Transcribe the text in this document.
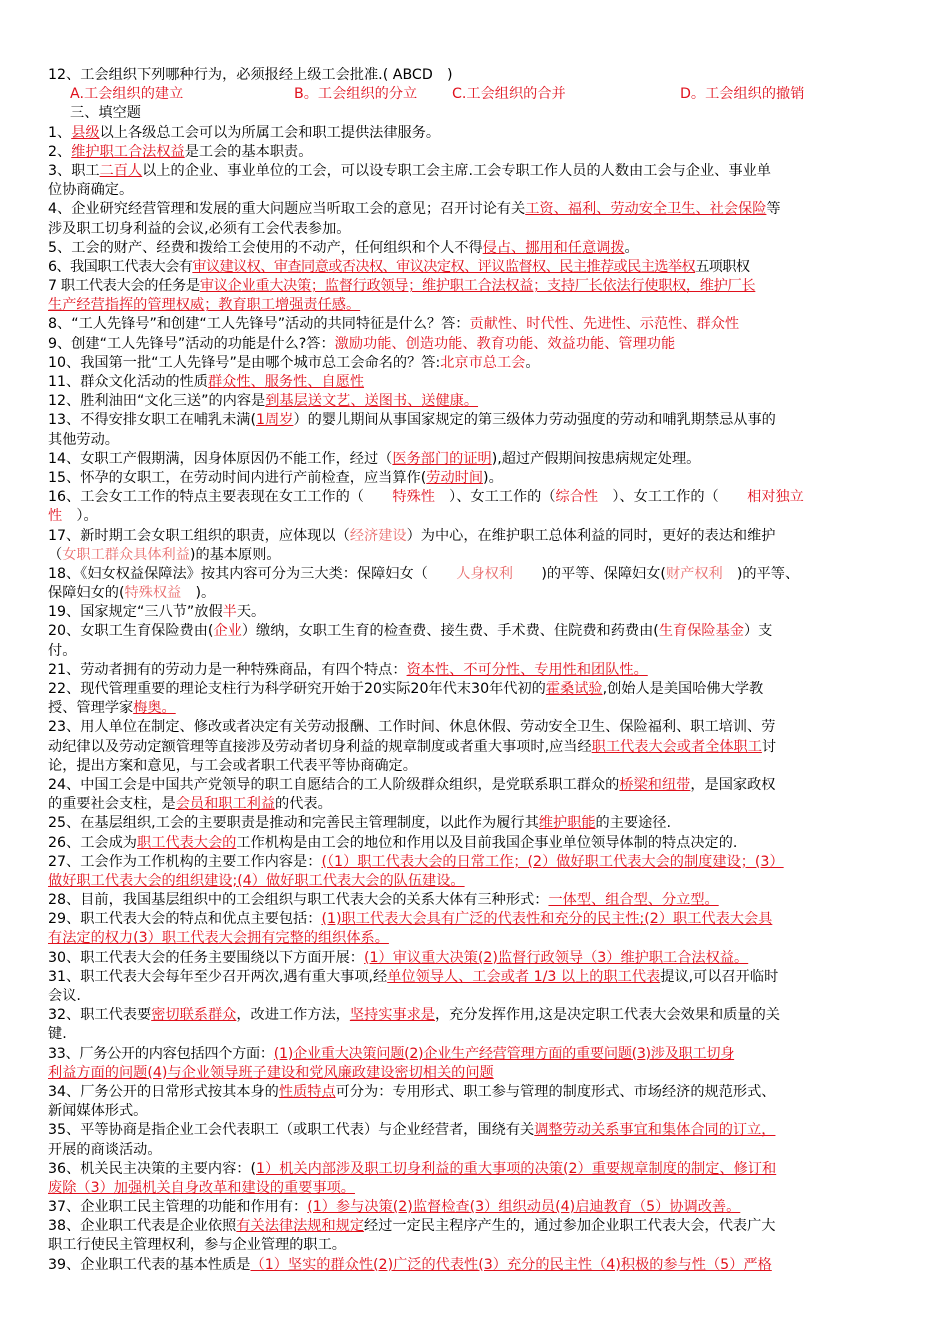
12、工会组织下列哪种行为，必须报经上级工会批准.( ABCD　)
A.工会组织的建立	B。工会组织的分立 C.工会组织的合并	D。工会组织的撤销
三、填空题
1、县级以上各级总工会可以为所属工会和职工提供法律服务。
2、维护职工合法权益是工会的基本职责。
3、职工二百人以上的企业、事业单位的工会，可以设专职工会主席.工会专职工作人员的人数由工会与企业、事业单
位协商确定。
4、企业研究经营管理和发展的重大问题应当听取工会的意见；召开讨论有关工资、福利、劳动安全卫生、社会保险等
涉及职工切身利益的会议,必须有工会代表参加。
5、工会的财产、经费和拨给工会使用的不动产，任何组织和个人不得侵占、挪用和任意调拨。
6、我国职工代表大会有审议建议权、审查同意或否决权、审议决定权、评议监督权、民主推荐或民主选举权五项职权
7 职工代表大会的任务是审议企业重大决策；监督行政领导；维护职工合法权益；支持厂长依法行使职权，维护厂长
生产经营指挥的管理权威；教育职工增强责任感。
8、“工人先锋号”和创建“工人先锋号”活动的共同特征是什么？答：贡献性、时代性、先进性、示范性、群众性
9、创建“工人先锋号”活动的功能是什么?答：激励功能、创造功能、教育功能、效益功能、管理功能
10、我国第一批“工人先锋号”是由哪个城市总工会命名的？答:北京市总工会。
11、群众文化活动的性质群众性、服务性、自愿性
12、胜利油田“文化三送”的内容是到基层送文艺、送图书、送健康。
13、不得安排女职工在哺乳未满(1周岁）的婴儿期间从事国家规定的第三级体力劳动强度的劳动和哺乳期禁忌从事的
其他劳动。
14、女职工产假期满，因身体原因仍不能工作，经过（医务部门的证明),超过产假期间按患病规定处理。
15、怀孕的女职工，在劳动时间内进行产前检查，应当算作(劳动时间)。
16、工会女工工作的特点主要表现在女工工作的（　　特殊性　）、女工工作的（综合性　）、女工工作的（　　相对独立
性　）。
17、新时期工会女职工组织的职责，应体现以（经济建设）为中心，在维护职工总体利益的同时，更好的表达和维护
（女职工群众具体利益)的基本原则。
18、《妇女权益保障法》按其内容可分为三大类：保障妇女（　　人身权利　　)的平等、保障妇女(财产权利　)的平等、
保障妇女的(特殊权益　)。
19、国家规定“三八节”放假半天。
20、女职工生育保险费由(企业）缴纳，女职工生育的检查费、接生费、手术费、住院费和药费由(生育保险基金）支
付。
21、劳动者拥有的劳动力是一种特殊商品，有四个特点：资本性、不可分性、专用性和团队性。
22、现代管理重要的理论支柱行为科学研究开始于20实际20年代末30年代初的霍桑试验,创始人是美国哈佛大学教
授、管理学家梅奥。
23、用人单位在制定、修改或者决定有关劳动报酬、工作时间、休息休假、劳动安全卫生、保险福利、职工培训、劳
动纪律以及劳动定额管理等直接涉及劳动者切身利益的规章制度或者重大事项时,应当经职工代表大会或者全体职工讨
论，提出方案和意见，与工会或者职工代表平等协商确定。
24、中国工会是中国共产党领导的职工自愿结合的工人阶级群众组织，是党联系职工群众的桥梁和纽带，是国家政权
的重要社会支柱，是会员和职工利益的代表。
25、在基层组织,工会的主要职责是推动和完善民主管理制度，以此作为履行其维护职能的主要途径.
26、工会成为职工代表大会的工作机构是由工会的地位和作用以及目前我国企事业单位领导体制的特点决定的.
27、工会作为工作机构的主要工作内容是：(（1）职工代表大会的日常工作；(2）做好职工代表大会的制度建设；(3）
做好职工代表大会的组织建设;(4）做好职工代表大会的队伍建设。
28、目前，我国基层组织中的工会组织与职工代表大会的关系大体有三种形式：一体型、组合型、分立型。
29、职工代表大会的特点和优点主要包括：(1)职工代表大会具有广泛的代表性和充分的民主性;(2）职工代表大会具
有法定的权力(3）职工代表大会拥有完整的组织体系。
30、职工代表大会的任务主要围绕以下方面开展：(1）审议重大决策(2)监督行政领导（3）维护职工合法权益。
31、职工代表大会每年至少召开两次,遇有重大事项,经单位领导人、工会或者 1/3 以上的职工代表提议,可以召开临时
会议.
32、职工代表要密切联系群众，改进工作方法，坚持实事求是，充分发挥作用,这是决定职工代表大会效果和质量的关
键.
33、厂务公开的内容包括四个方面：(1)企业重大决策问题(2)企业生产经营管理方面的重要问题(3)涉及职工切身
利益方面的问题(4)与企业领导班子建设和党风廉政建设密切相关的问题
34、厂务公开的日常形式按其本身的性质特点可分为：专用形式、职工参与管理的制度形式、市场经济的规范形式、
新闻媒体形式。
35、平等协商是指企业工会代表职工（或职工代表）与企业经营者，围绕有关调整劳动关系事宜和集体合同的订立，
开展的商谈活动。
36、机关民主决策的主要内容：(1）机关内部涉及职工切身利益的重大事项的决策(2）重要规章制度的制定、修订和
废除（3）加强机关自身改革和建设的重要事项。
37、企业职工民主管理的功能和作用有：(1）参与决策(2)监督检查(3）组织动员(4)启迪教育（5）协调改善。
38、企业职工代表是企业依照有关法律法规和规定经过一定民主程序产生的，通过参加企业职工代表大会，代表广大
职工行使民主管理权利，参与企业管理的职工。
39、企业职工代表的基本性质是（1）坚实的群众性(2)广泛的代表性(3）充分的民主性（4)积极的参与性（5）严格
